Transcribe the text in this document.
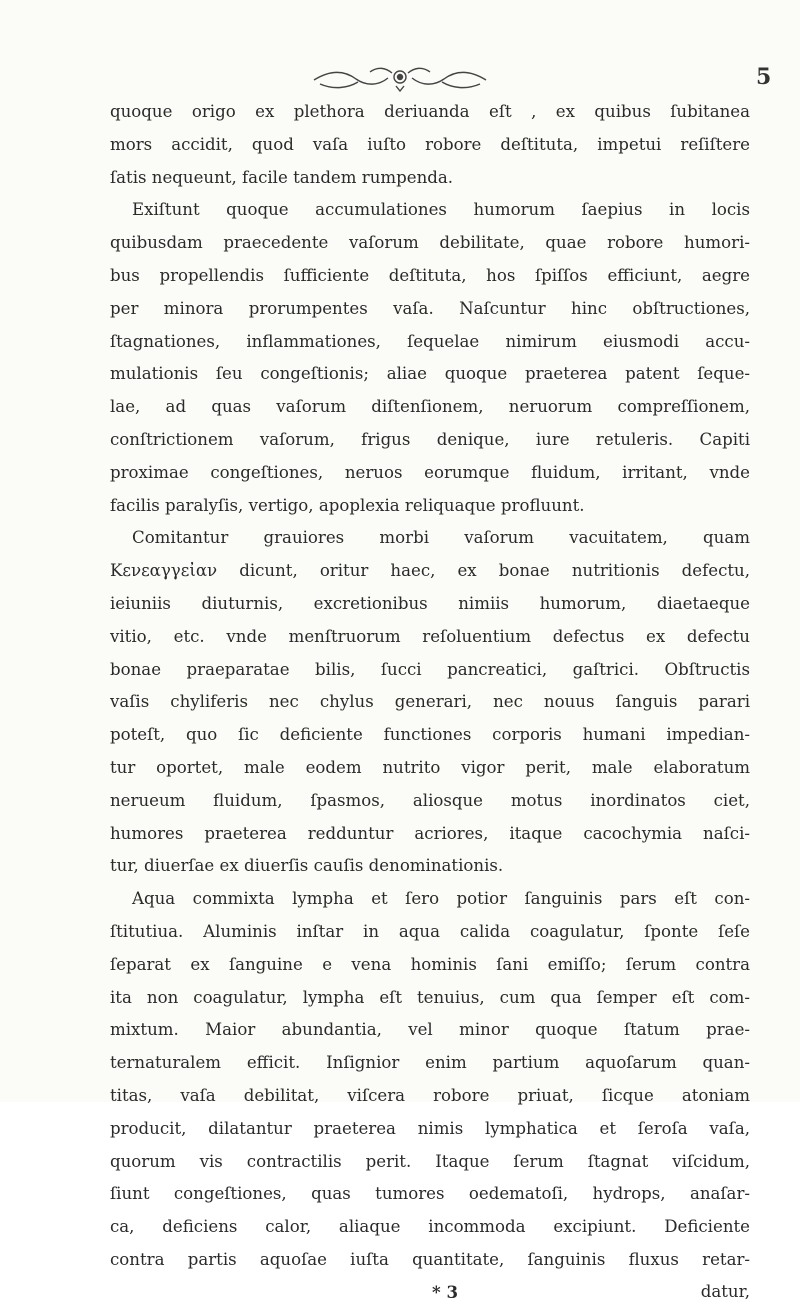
5
quoque origo ex plethora deriuanda eſt , ex quibus ſubitanea
mors accidit, quod vaſa iuſto robore deſtituta, impetui reſiſtere
ſatis nequeunt, facile tandem rumpenda.
Exiſtunt quoque accumulationes humorum ſaepius in locis
quibusdam praecedente vaſorum debilitate, quae robore humori-
bus propellendis ſufficiente deſtituta, hos ſpiſſos efficiunt, aegre
per minora prorumpentes vaſa. Naſcuntur hinc obſtructiones,
ſtagnationes, inflammationes, ſequelae nimirum eiusmodi accu-
mulationis ſeu congeſtionis; aliae quoque praeterea patent ſeque-
lae, ad quas vaſorum diſtenſionem, neruorum compreſſionem,
conſtrictionem vaſorum, frigus denique, iure retuleris. Capiti
proximae congeſtiones, neruos eorumque fluidum, irritant, vnde
facilis paralyſis, vertigo, apoplexia reliquaque profluunt.
Comitantur grauiores morbi vaſorum vacuitatem, quam
Κενεαγγεἰαν dicunt, oritur haec, ex bonae nutritionis defectu,
ieiuniis diuturnis, excretionibus nimiis humorum, diaetaeque
vitio, etc. vnde menſtruorum reſoluentium defectus ex defectu
bonae praeparatae bilis, ſucci pancreatici, gaſtrici. Obſtructis
vaſis chyliferis nec chylus generari, nec nouus ſanguis parari
poteſt, quo ſic deficiente functiones corporis humani impedian-
tur oportet, male eodem nutrito vigor perit, male elaboratum
nerueum fluidum, ſpasmos, aliosque motus inordinatos ciet,
humores praeterea redduntur acriores, itaque cacochymia naſci-
tur, diuerſae ex diuerſis cauſis denominationis.
Aqua commixta lympha et ſero potior ſanguinis pars eſt con-
ſtitutiua. Aluminis inſtar in aqua calida coagulatur, ſponte ſeſe
ſeparat ex ſanguine e vena hominis ſani emiſſo; ſerum contra
ita non coagulatur, lympha eſt tenuius, cum qua ſemper eſt com-
mixtum. Maior abundantia, vel minor quoque ſtatum prae-
ternaturalem efficit. Inſignior enim partium aquoſarum quan-
titas, vaſa debilitat, viſcera robore priuat, ſicque atoniam
producit, dilatantur praeterea nimis lymphatica et ſeroſa vaſa,
quorum vis contractilis perit. Itaque ſerum ſtagnat viſcidum,
ſiunt congeſtiones, quas tumores oedematoſi, hydrops, anaſar-
ca, deficiens calor, aliaque incommoda excipiunt. Deficiente
contra partis aquoſae iuſta quantitate, ſanguinis fluxus retar-
* 3	datur,
